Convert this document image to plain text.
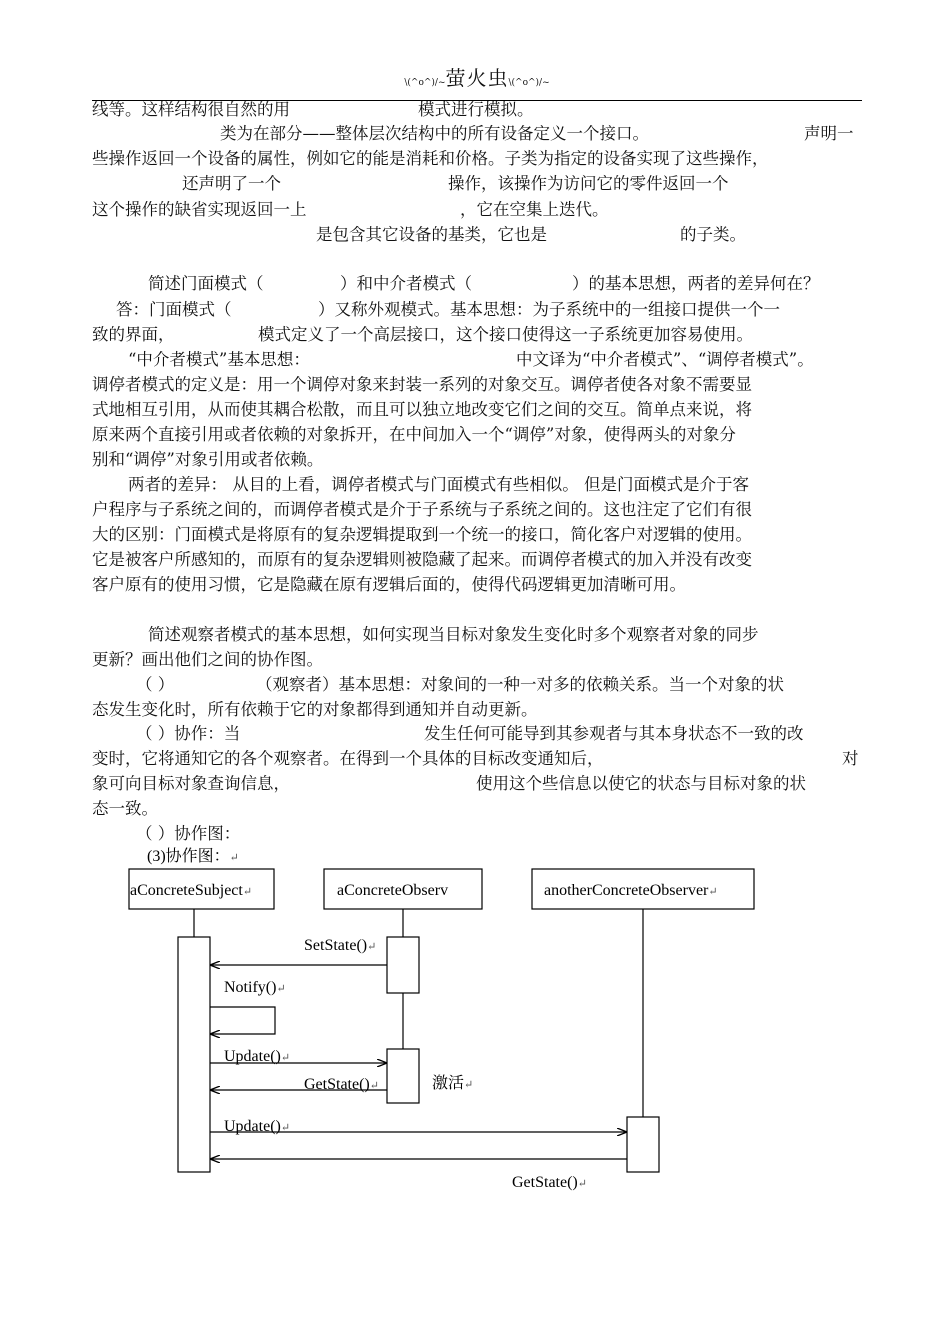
\(^o^)/~萤火虫\(^o^)/~
线等。这样结构很自然的用	模式进行模拟。
类为在部分——整体层次结构中的所有设备定义一个接口。	声明一
些操作返回一个设备的属性，例如它的能是消耗和价格。子类为指定的设备实现了这些操作，
还声明了一个	操作，该操作为访问它的零件返回一个
这个操作的缺省实现返回一上	，它在空集上迭代。
是包含其它设备的基类，它也是	的子类。
简述门面模式（	）和中介者模式（	）的基本思想，两者的差异何在？
答：门面模式（	）又称外观模式。基本思想：为子系统中的一组接口提供一个一
致的界面，	模式定义了一个高层接口，这个接口使得这一子系统更加容易使用。
“中介者模式”基本思想：	中文译为“中介者模式”、“调停者模式”。
调停者模式的定义是：用一个调停对象来封装一系列的对象交互。调停者使各对象不需要显
式地相互引用，从而使其耦合松散，而且可以独立地改变它们之间的交互。简单点来说，将
原来两个直接引用或者依赖的对象拆开，在中间加入一个“调停”对象，使得两头的对象分
别和“调停”对象引用或者依赖。
两者的差异： 从目的上看，调停者模式与门面模式有些相似。 但是门面模式是介于客
户程序与子系统之间的，而调停者模式是介于子系统与子系统之间的。这也注定了它们有很
大的区别：门面模式是将原有的复杂逻辑提取到一个统一的接口，简化客户对逻辑的使用。
它是被客户所感知的，而原有的复杂逻辑则被隐藏了起来。而调停者模式的加入并没有改变
客户原有的使用习惯，它是隐藏在原有逻辑后面的，使得代码逻辑更加清晰可用。
简述观察者模式的基本思想，如何实现当目标对象发生变化时多个观察者对象的同步
更新？画出他们之间的协作图。
（ ）	（观察者）基本思想：对象间的一种一对多的依赖关系。当一个对象的状
态发生变化时，所有依赖于它的对象都得到通知并自动更新。
（ ）协作：当	发生任何可能导到其参观者与其本身状态不一致的改
变时，它将通知它的各个观察者。在得到一个具体的目标改变通知后，	对
象可向目标对象查询信息，	使用这个些信息以使它的状态与目标对象的状
态一致。
（ ）协作图：
(3)协作图：↵
aConcreteSubject↵	aConcreteObserv	anotherConcreteObserver↵
SetState()↵
Notify()↵
Update()↵
GetState()↵	激活↵
Update()↵
GetState()↵
